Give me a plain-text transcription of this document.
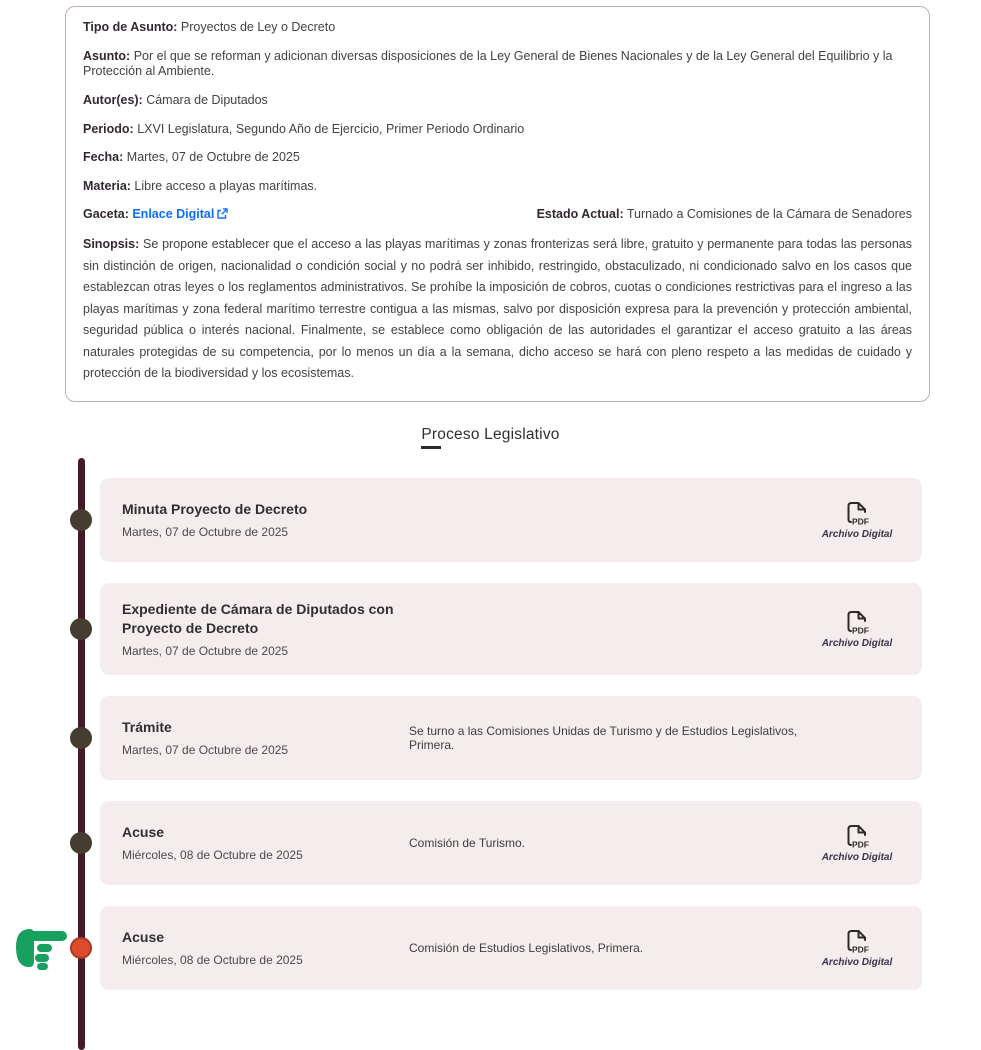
Tipo de Asunto: Proyectos de Ley o Decreto

Asunto: Por el que se reforman y adicionan diversas disposiciones de la Ley General de Bienes Nacionales y de la Ley General del Equilibrio y la Protección al Ambiente.

Autor(es): Cámara de Diputados

Periodo: LXVI Legislatura, Segundo Año de Ejercicio, Primer Periodo Ordinario

Fecha: Martes, 07 de Octubre de 2025

Materia: Libre acceso a playas marítimas.

Gaceta: Enlace Digital	Estado Actual: Turnado a Comisiones de la Cámara de Senadores

Sinopsis: Se propone establecer que el acceso a las playas marítimas y zonas fronterizas será libre, gratuito y permanente para todas las personas sin distinción de origen, nacionalidad o condición social y no podrá ser inhibido, restringido, obstaculizado, ni condicionado salvo en los casos que establezcan otras leyes o los reglamentos administrativos. Se prohíbe la imposición de cobros, cuotas o condiciones restrictivas para el ingreso a las playas marítimas y zona federal marítimo terrestre contigua a las mismas, salvo por disposición expresa para la prevención y protección ambiental, seguridad pública o interés nacional. Finalmente, se establece como obligación de las autoridades el garantizar el acceso gratuito a las áreas naturales protegidas de su competencia, por lo menos un día a la semana, dicho acceso se hará con pleno respeto a las medidas de cuidado y protección de la biodiversidad y los ecosistemas.

Proceso Legislativo
Minuta Proyecto de Decreto
Martes, 07 de Octubre de 2025
PDF
Archivo Digital
Expediente de Cámara de Diputados con Proyecto de Decreto
Martes, 07 de Octubre de 2025
PDF
Archivo Digital
Trámite
Martes, 07 de Octubre de 2025
Se turno a las Comisiones Unidas de Turismo y de Estudios Legislativos, Primera.
Acuse
Miércoles, 08 de Octubre de 2025
Comisión de Turismo.	PDF
Archivo Digital
Acuse
Miércoles, 08 de Octubre de 2025
Comisión de Estudios Legislativos, Primera.	PDF
Archivo Digital
